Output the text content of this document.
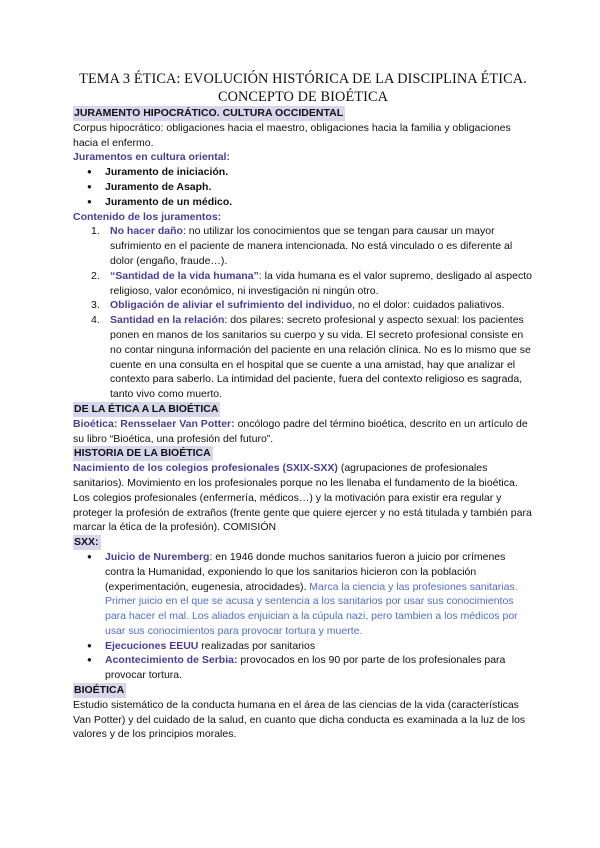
TEMA 3 ÉTICA: EVOLUCIÓN HISTÓRICA DE LA DISCIPLINA ÉTICA.
CONCEPTO DE BIOÉTICA
JURAMENTO HIPOCRÁTICO. CULTURA OCCIDENTAL

Corpus hipocrático: obligaciones hacia el maestro, obligaciones hacia la familia y obligaciones hacia el enfermo.

Juramentos en cultura oriental:

● Juramento de iniciación.
● Juramento de Asaph.
● Juramento de un médico.

Contenido de los juramentos:

1. No hacer daño: no utilizar los conocimientos que se tengan para causar un mayor sufrimiento en el paciente de manera intencionada. No está vinculado o es diferente al dolor (engaño, fraude…).
2. “Santidad de la vida humana”: la vida humana es el valor supremo, desligado al aspecto religioso, valor económico, ni investigación ni ningún otro.
3. Obligación de aliviar el sufrimiento del individuo, no el dolor: cuidados paliativos.
4. Santidad en la relación: dos pilares: secreto profesional y aspecto sexual: los pacientes ponen en manos de los sanitarios su cuerpo y su vida. El secreto profesional consiste en no contar ninguna información del paciente en una relación clínica. No es lo mismo que se cuente en una consulta en el hospital que se cuente a una amistad, hay que analizar el contexto para saberlo. La intimidad del paciente, fuera del contexto religioso es sagrada, tanto vivo como muerto.
DE LA ÉTICA A LA BIOÉTICA

Bioética: Rensselaer Van Potter: oncólogo padre del término bioética, descrito en un artículo de su libro “Bioética, una profesión del futuro”.

HISTORIA DE LA BIOÉTICA

Nacimiento de los colegios profesionales (SXIX-SXX) (agrupaciones de profesionales sanitarios). Movimiento en los profesionales porque no les llenaba el fundamento de la bioética. Los colegios profesionales (enfermería, médicos…) y la motivación para existir era regular y proteger la profesión de extraños (frente gente que quiere ejercer y no está titulada y también para marcar la ética de la profesión). COMISIÓN

SXX:
● Juicio de Nuremberg: en 1946 donde muchos sanitarios fueron a juicio por crímenes contra la Humanidad, exponiendo lo que los sanitarios hicieron con la población (experimentación, eugenesia, atrocidades). Marca la ciencia y las profesiones sanitarias. Primer juicio en el que se acusa y sentencia a los sanitarios por usar sus conocimientos para hacer el mal. Los aliados enjuician a la cúpula nazi, pero tambien a los médicos por usar sus conocimientos para provocar tortura y muerte.
● Ejecuciones EEUU realizadas por sanitarios
● Acontecimiento de Serbia: provocados en los 90 por parte de los profesionales para provocar tortura.
BIOÉTICA

Estudio sistemático de la conducta humana en el área de las ciencias de la vida (características Van Potter) y del cuidado de la salud, en cuanto que dicha conducta es examinada a la luz de los valores y de los principios morales.
